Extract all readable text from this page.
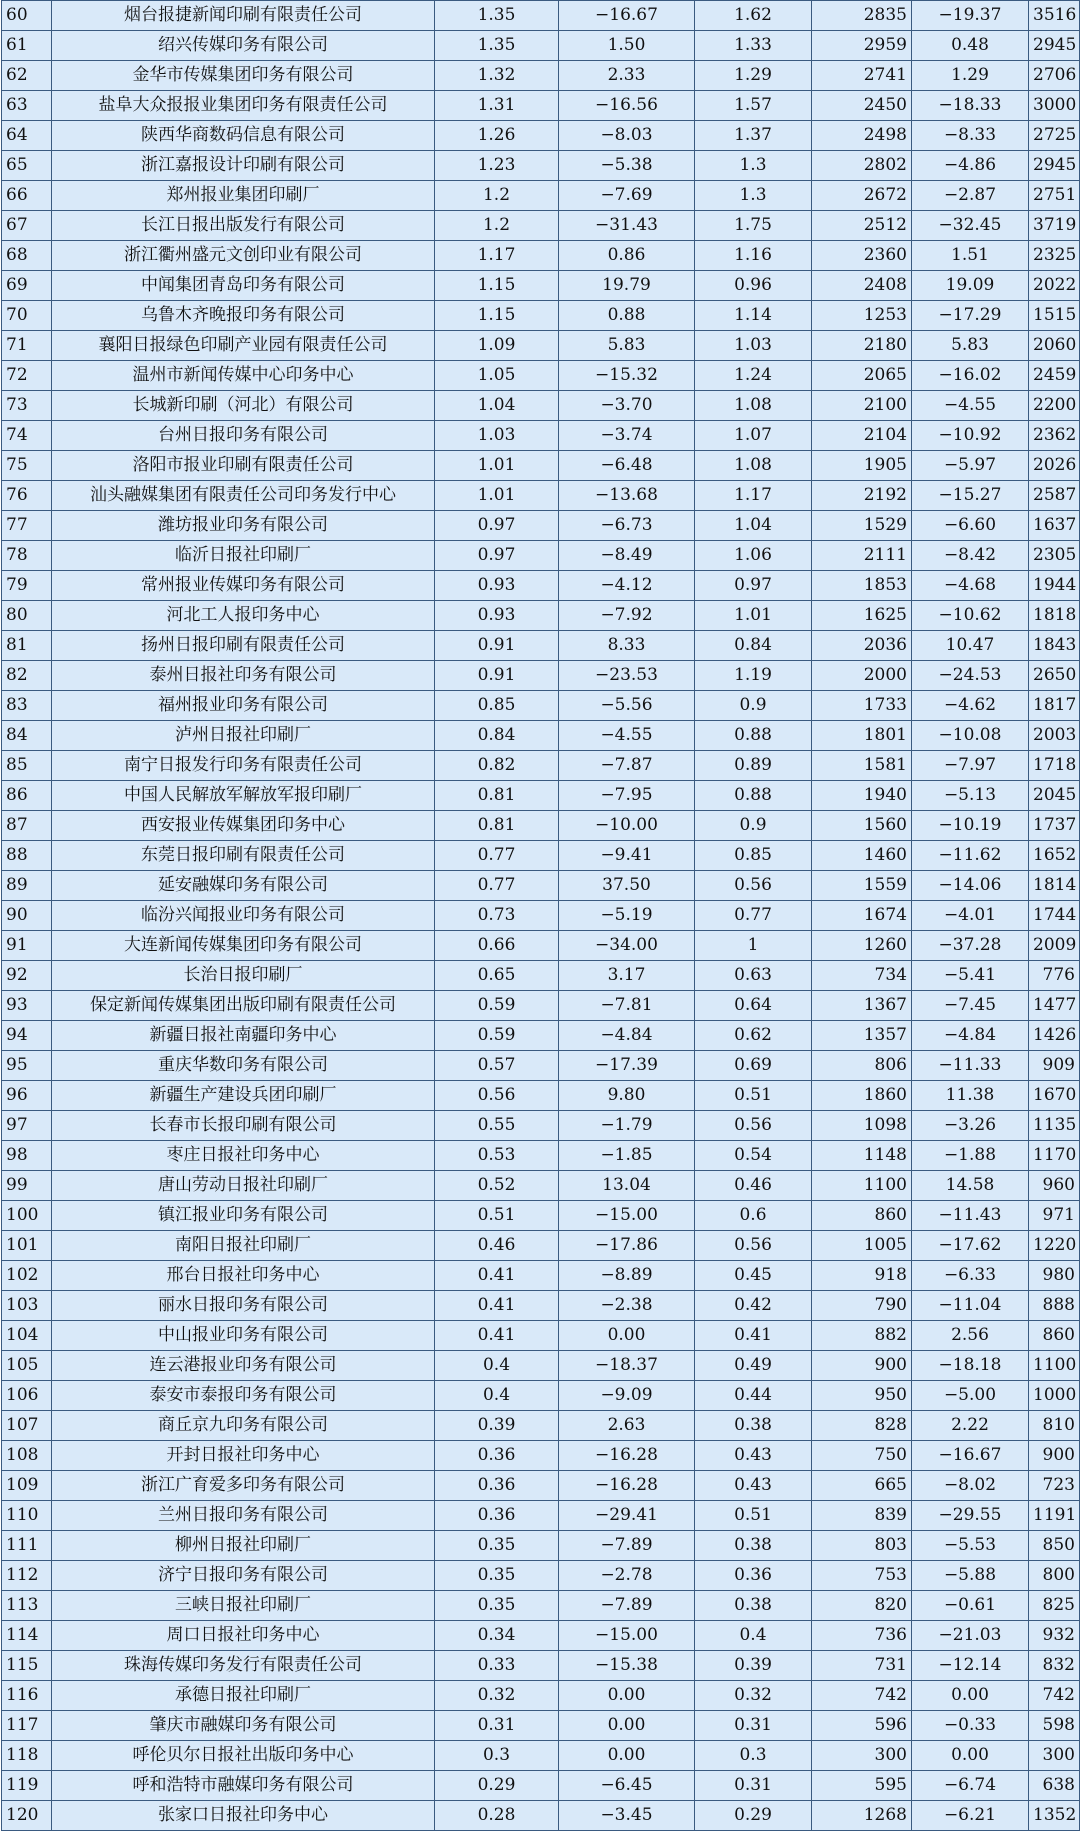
60	烟台报捷新闻印刷有限责任公司	1.35	−16.67	1.62	2835	−19.37	3516
61	绍兴传媒印务有限公司	1.35	1.50	1.33	2959	0.48	2945
62	金华市传媒集团印务有限公司	1.32	2.33	1.29	2741	1.29	2706
63	盐阜大众报报业集团印务有限责任公司	1.31	−16.56	1.57	2450	−18.33	3000
64	陕西华商数码信息有限公司	1.26	−8.03	1.37	2498	−8.33	2725
65	浙江嘉报设计印刷有限公司	1.23	−5.38	1.3	2802	−4.86	2945
66	郑州报业集团印刷厂	1.2	−7.69	1.3	2672	−2.87	2751
67	长江日报出版发行有限公司	1.2	−31.43	1.75	2512	−32.45	3719
68	浙江衢州盛元文创印业有限公司	1.17	0.86	1.16	2360	1.51	2325
69	中闻集团青岛印务有限公司	1.15	19.79	0.96	2408	19.09	2022
70	乌鲁木齐晚报印务有限公司	1.15	0.88	1.14	1253	−17.29	1515
71	襄阳日报绿色印刷产业园有限责任公司	1.09	5.83	1.03	2180	5.83	2060
72	温州市新闻传媒中心印务中心	1.05	−15.32	1.24	2065	−16.02	2459
73	长城新印刷（河北）有限公司	1.04	−3.70	1.08	2100	−4.55	2200
74	台州日报印务有限公司	1.03	−3.74	1.07	2104	−10.92	2362
75	洛阳市报业印刷有限责任公司	1.01	−6.48	1.08	1905	−5.97	2026
76	汕头融媒集团有限责任公司印务发行中心	1.01	−13.68	1.17	2192	−15.27	2587
77	潍坊报业印务有限公司	0.97	−6.73	1.04	1529	−6.60	1637
78	临沂日报社印刷厂	0.97	−8.49	1.06	2111	−8.42	2305
79	常州报业传媒印务有限公司	0.93	−4.12	0.97	1853	−4.68	1944
80	河北工人报印务中心	0.93	−7.92	1.01	1625	−10.62	1818
81	扬州日报印刷有限责任公司	0.91	8.33	0.84	2036	10.47	1843
82	泰州日报社印务有限公司	0.91	−23.53	1.19	2000	−24.53	2650
83	福州报业印务有限公司	0.85	−5.56	0.9	1733	−4.62	1817
84	泸州日报社印刷厂	0.84	−4.55	0.88	1801	−10.08	2003
85	南宁日报发行印务有限责任公司	0.82	−7.87	0.89	1581	−7.97	1718
86	中国人民解放军解放军报印刷厂	0.81	−7.95	0.88	1940	−5.13	2045
87	西安报业传媒集团印务中心	0.81	−10.00	0.9	1560	−10.19	1737
88	东莞日报印刷有限责任公司	0.77	−9.41	0.85	1460	−11.62	1652
89	延安融媒印务有限公司	0.77	37.50	0.56	1559	−14.06	1814
90	临汾兴闻报业印务有限公司	0.73	−5.19	0.77	1674	−4.01	1744
91	大连新闻传媒集团印务有限公司	0.66	−34.00	1	1260	−37.28	2009
92	长治日报印刷厂	0.65	3.17	0.63	734	−5.41	776
93	保定新闻传媒集团出版印刷有限责任公司	0.59	−7.81	0.64	1367	−7.45	1477
94	新疆日报社南疆印务中心	0.59	−4.84	0.62	1357	−4.84	1426
95	重庆华数印务有限公司	0.57	−17.39	0.69	806	−11.33	909
96	新疆生产建设兵团印刷厂	0.56	9.80	0.51	1860	11.38	1670
97	长春市长报印刷有限公司	0.55	−1.79	0.56	1098	−3.26	1135
98	枣庄日报社印务中心	0.53	−1.85	0.54	1148	−1.88	1170
99	唐山劳动日报社印刷厂	0.52	13.04	0.46	1100	14.58	960
100	镇江报业印务有限公司	0.51	−15.00	0.6	860	−11.43	971
101	南阳日报社印刷厂	0.46	−17.86	0.56	1005	−17.62	1220
102	邢台日报社印务中心	0.41	−8.89	0.45	918	−6.33	980
103	丽水日报印务有限公司	0.41	−2.38	0.42	790	−11.04	888
104	中山报业印务有限公司	0.41	0.00	0.41	882	2.56	860
105	连云港报业印务有限公司	0.4	−18.37	0.49	900	−18.18	1100
106	泰安市泰报印务有限公司	0.4	−9.09	0.44	950	−5.00	1000
107	商丘京九印务有限公司	0.39	2.63	0.38	828	2.22	810
108	开封日报社印务中心	0.36	−16.28	0.43	750	−16.67	900
109	浙江广育爱多印务有限公司	0.36	−16.28	0.43	665	−8.02	723
110	兰州日报印务有限公司	0.36	−29.41	0.51	839	−29.55	1191
111	柳州日报社印刷厂	0.35	−7.89	0.38	803	−5.53	850
112	济宁日报印务有限公司	0.35	−2.78	0.36	753	−5.88	800
113	三峡日报社印刷厂	0.35	−7.89	0.38	820	−0.61	825
114	周口日报社印务中心	0.34	−15.00	0.4	736	−21.03	932
115	珠海传媒印务发行有限责任公司	0.33	−15.38	0.39	731	−12.14	832
116	承德日报社印刷厂	0.32	0.00	0.32	742	0.00	742
117	肇庆市融媒印务有限公司	0.31	0.00	0.31	596	−0.33	598
118	呼伦贝尔日报社出版印务中心	0.3	0.00	0.3	300	0.00	300
119	呼和浩特市融媒印务有限公司	0.29	−6.45	0.31	595	−6.74	638
120	张家口日报社印务中心	0.28	−3.45	0.29	1268	−6.21	1352
